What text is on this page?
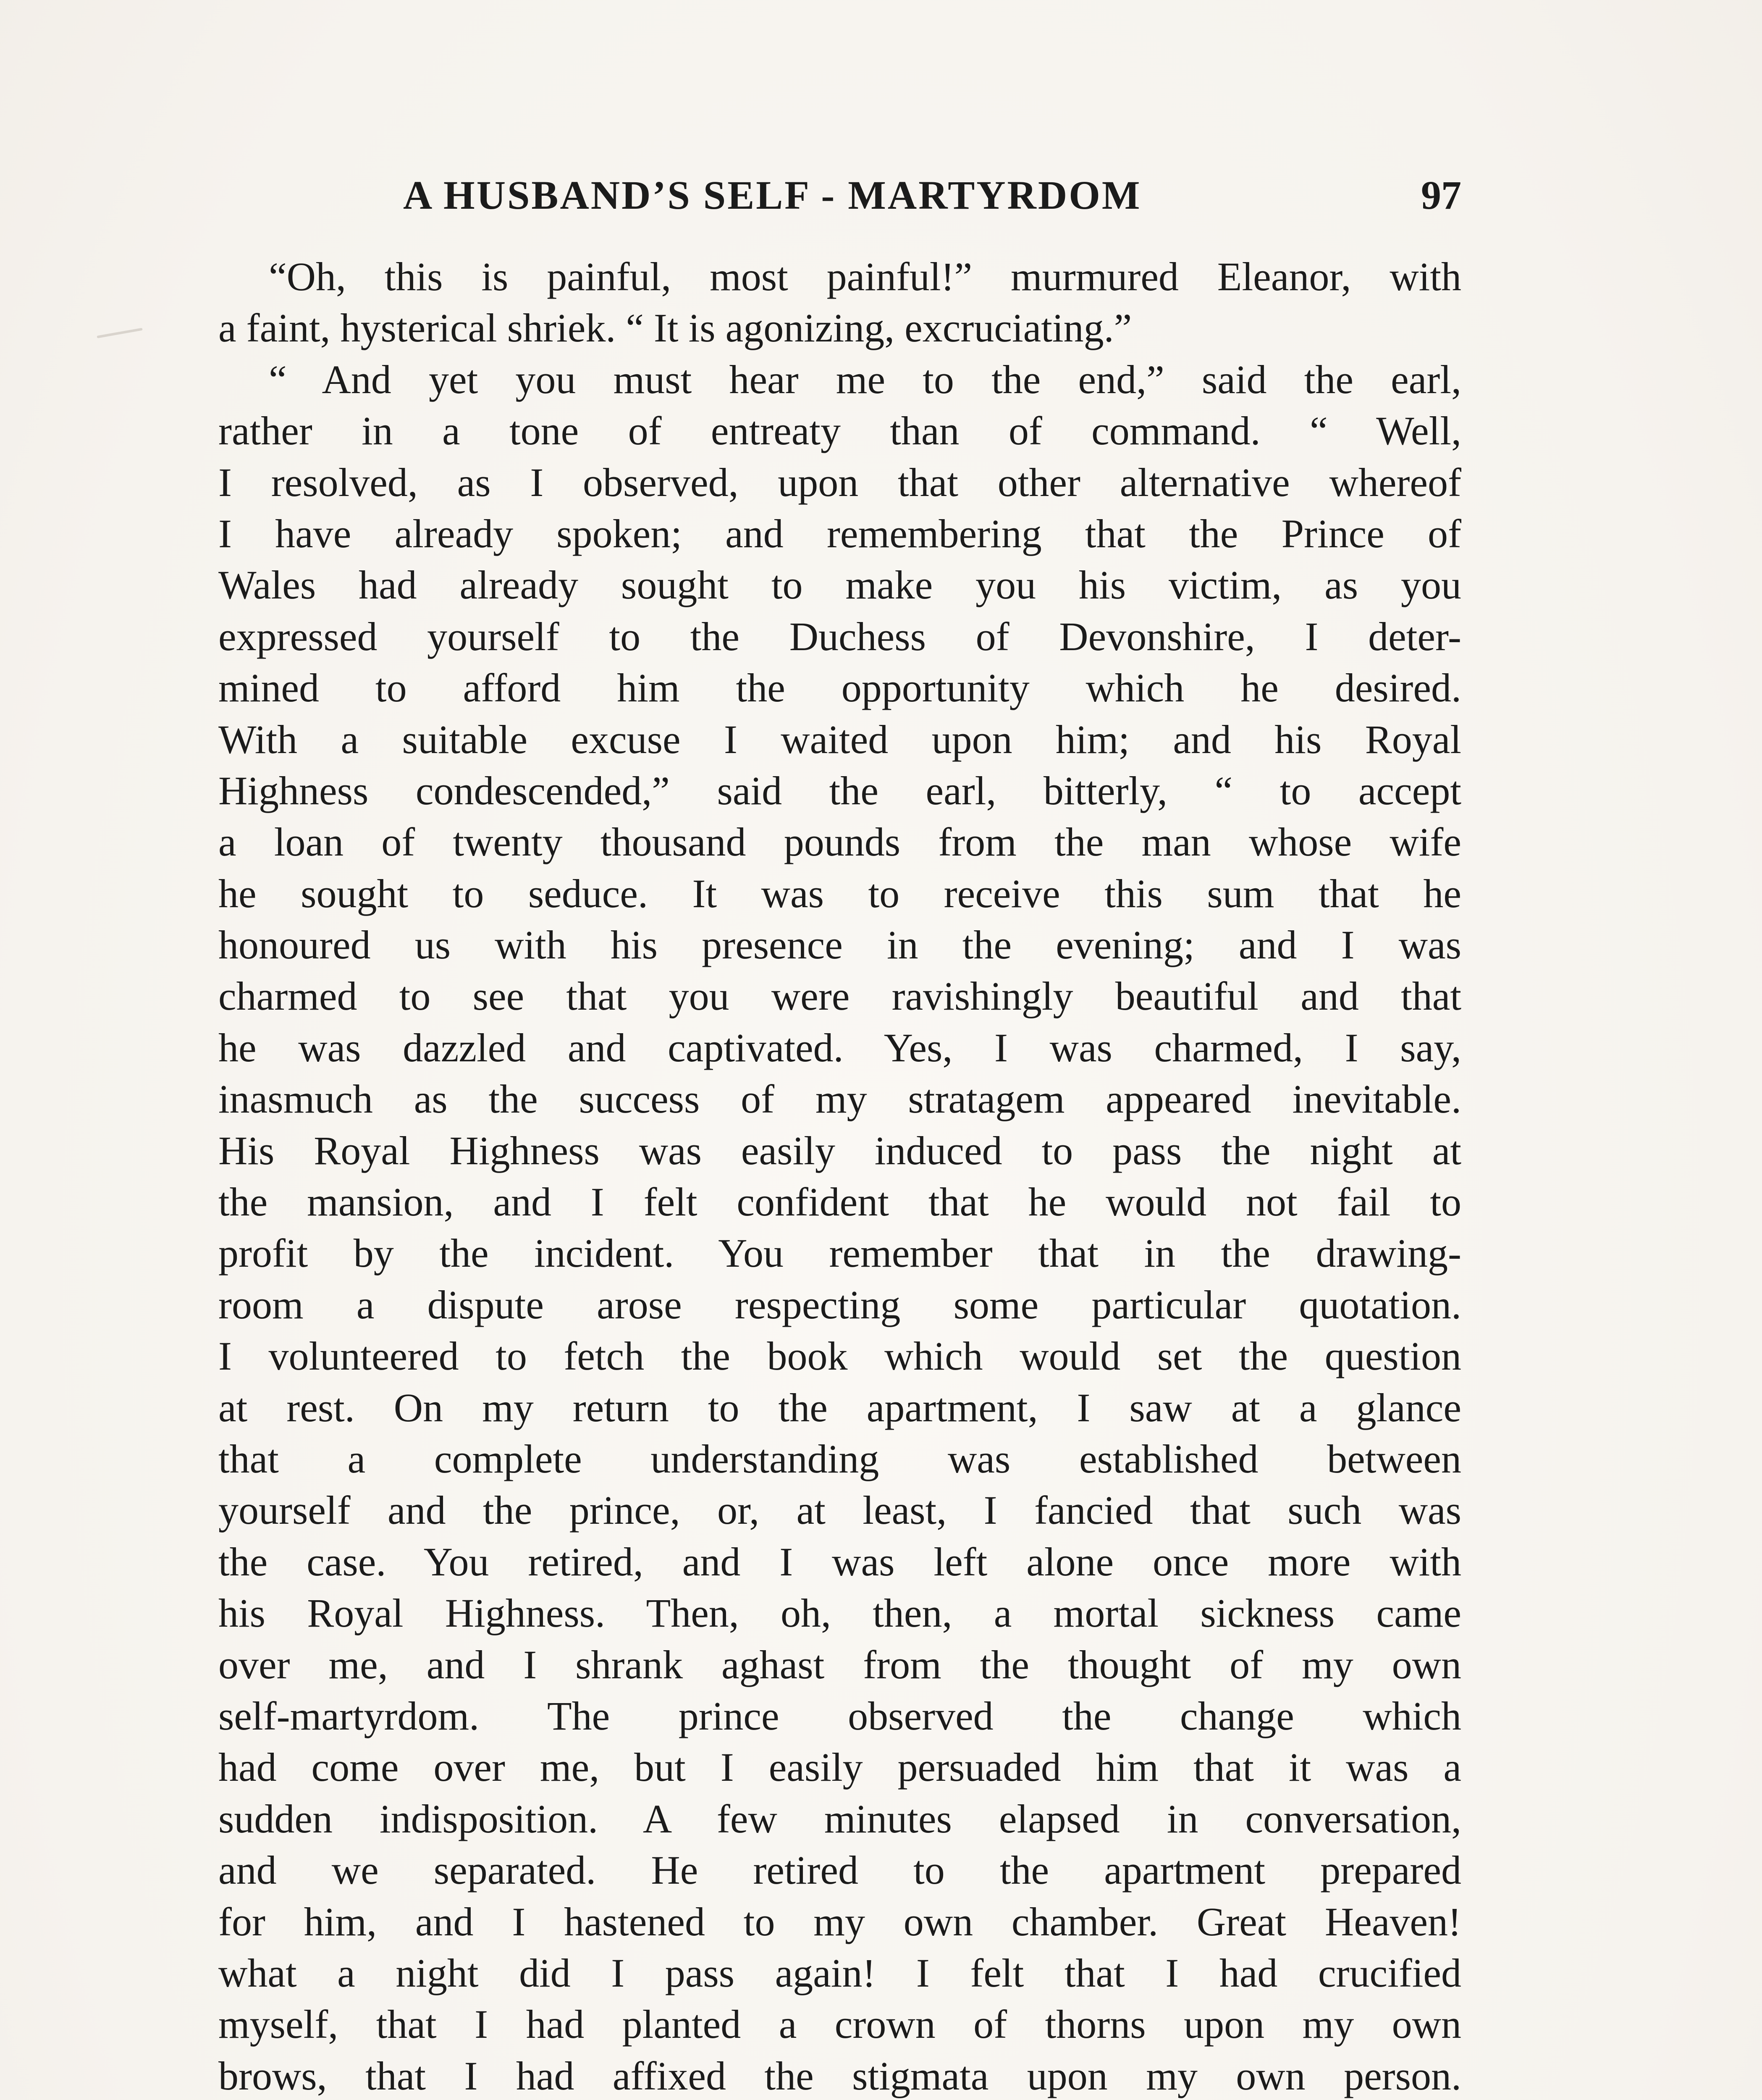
A HUSBAND’S SELF - MARTYRDOM	97
“Oh, this is painful, most painful!” murmured Eleanor, with
a faint, hysterical shriek. “ It is agonizing, excruciating.”
“ And yet you must hear me to the end,” said the earl,
rather in a tone of entreaty than of command. “ Well,
I resolved, as I observed, upon that other alternative whereof
I have already spoken; and remembering that the Prince of
Wales had already sought to make you his victim, as you
expressed yourself to the Duchess of Devonshire, I deter-
mined to afford him the opportunity which he desired.
With a suitable excuse I waited upon him; and his Royal
Highness condescended,” said the earl, bitterly, “ to accept
a loan of twenty thousand pounds from the man whose wife
he sought to seduce. It was to receive this sum that he
honoured us with his presence in the evening; and I was
charmed to see that you were ravishingly beautiful and that
he was dazzled and captivated. Yes, I was charmed, I say,
inasmuch as the success of my stratagem appeared inevitable.
His Royal Highness was easily induced to pass the night at
the mansion, and I felt confident that he would not fail to
profit by the incident. You remember that in the drawing-
room a dispute arose respecting some particular quotation.
I volunteered to fetch the book which would set the question
at rest. On my return to the apartment, I saw at a glance
that a complete understanding was established between
yourself and the prince, or, at least, I fancied that such was
the case. You retired, and I was left alone once more with
his Royal Highness. Then, oh, then, a mortal sickness came
over me, and I shrank aghast from the thought of my own
self-martyrdom. The prince observed the change which
had come over me, but I easily persuaded him that it was a
sudden indisposition. A few minutes elapsed in conversation,
and we separated. He retired to the apartment prepared
for him, and I hastened to my own chamber. Great Heaven!
what a night did I pass again! I felt that I had crucified
myself, that I had planted a crown of thorns upon my own
brows, that I had affixed the stigmata upon my own person.
